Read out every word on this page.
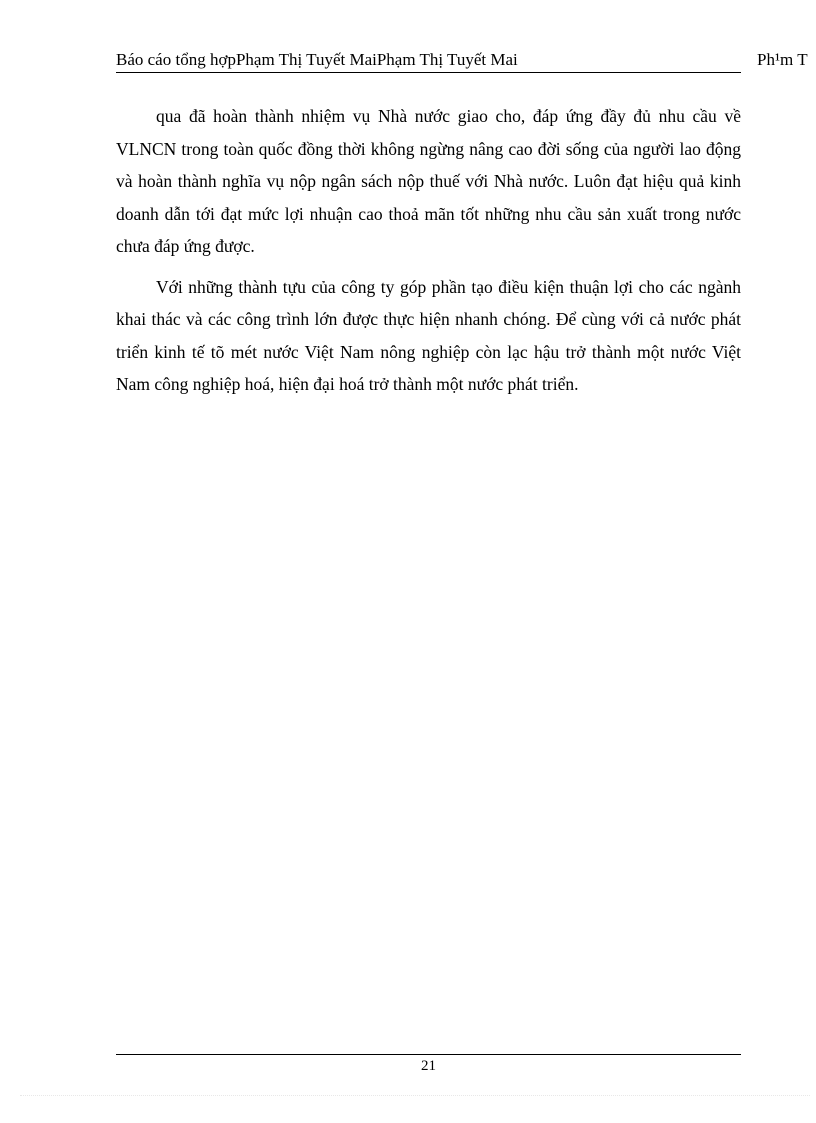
Báo cáo tổng hợpPhạm Thị Tuyết MaiPhạm Thị Tuyết Mai	Ph¹m T

qua đã hoàn thành nhiệm vụ Nhà nước giao cho, đáp ứng đầy đủ nhu cầu về VLNCN trong toàn quốc đồng thời không ngừng nâng cao đời sống của người lao động và hoàn thành nghĩa vụ nộp ngân sách nộp thuế với Nhà nước. Luôn đạt hiệu quả kinh doanh dẫn tới đạt mức lợi nhuận cao thoả mãn tốt những nhu cầu sản xuất trong nước chưa đáp ứng được.

Với những thành tựu của công ty góp phần tạo điều kiện thuận lợi cho các ngành khai thác và các công trình lớn được thực hiện nhanh chóng. Để cùng với cả nước phát triển kinh tế tõ mét nước Việt Nam nông nghiệp còn lạc hậu trở thành một nước Việt Nam công nghiệp hoá, hiện đại hoá trở thành một nước phát triển.

21
